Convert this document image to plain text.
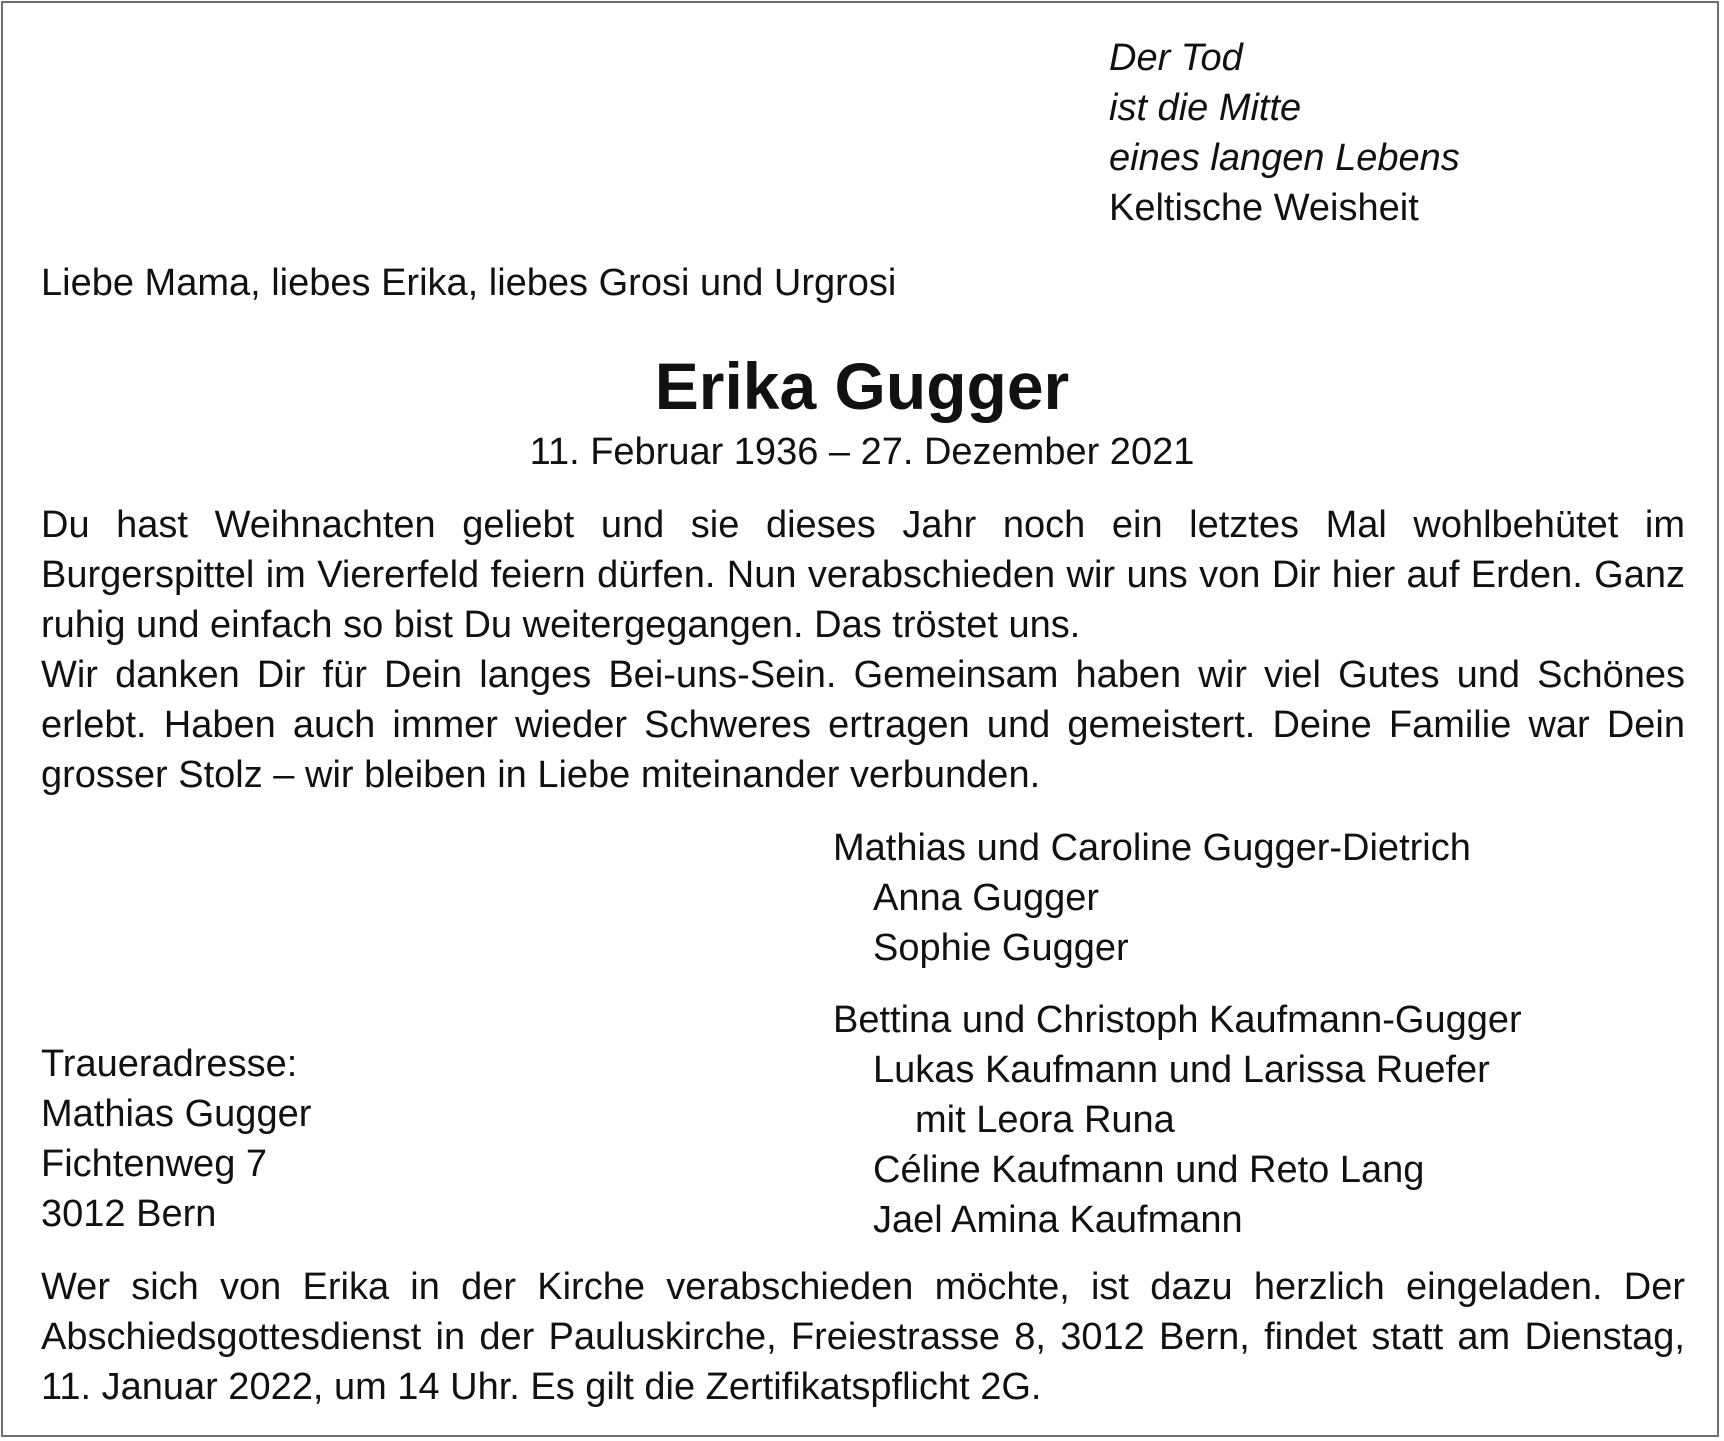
Der Tod
ist die Mitte
eines langen Lebens
Keltische Weisheit

Liebe Mama, liebes Erika, liebes Grosi und Urgrosi

Erika Gugger

11. Februar 1936 – 27. Dezember 2021

Du hast Weihnachten geliebt und sie dieses Jahr noch ein letztes Mal wohlbehütet im Burgerspittel im Viererfeld feiern dürfen. Nun verabschieden wir uns von Dir hier auf Erden. Ganz ruhig und einfach so bist Du weitergegangen. Das tröstet uns.

Wir danken Dir für Dein langes Bei-uns-Sein. Gemeinsam haben wir viel Gutes und Schönes erlebt. Haben auch immer wieder Schweres ertragen und gemeistert. Deine Familie war Dein grosser Stolz – wir bleiben in Liebe miteinander verbunden.

Mathias und Caroline Gugger-Dietrich
Anna Gugger
Sophie Gugger
Bettina und Christoph Kaufmann-Gugger
Lukas Kaufmann und Larissa Ruefer
mit Leora Runa
Céline Kaufmann und Reto Lang
Jael Amina Kaufmann
Traueradresse:
Mathias Gugger
Fichtenweg 7
3012 Bern

Wer sich von Erika in der Kirche verabschieden möchte, ist dazu herzlich eingeladen. Der Abschiedsgottesdienst in der Pauluskirche, Freiestrasse 8, 3012 Bern, findet statt am Dienstag, 11. Januar 2022, um 14 Uhr. Es gilt die Zertifikatspflicht 2G.
